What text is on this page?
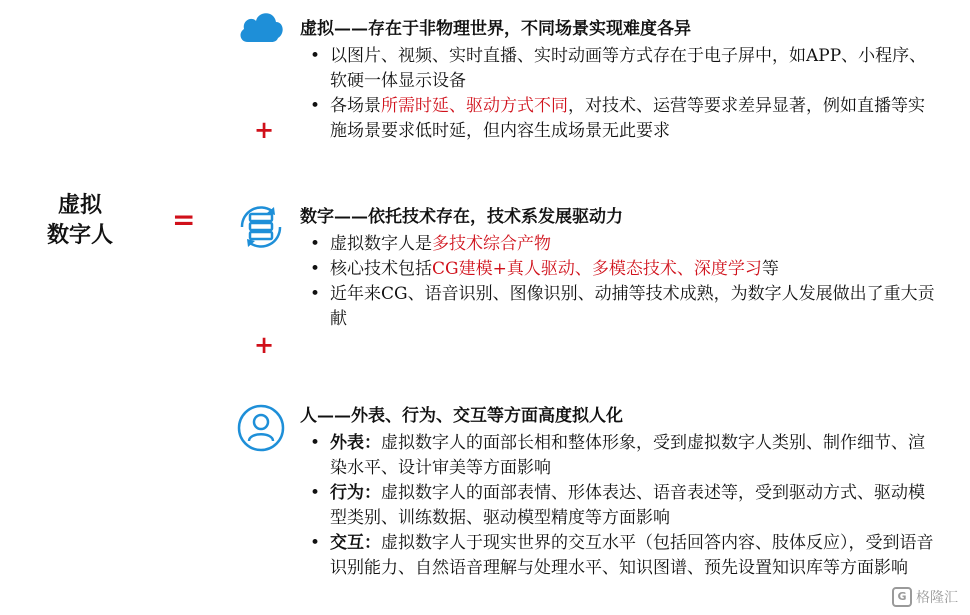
虚拟
数字人 =
+
+
虚拟——存在于非物理世界，不同场景实现难度各异
• 以图片、视频、实时直播、实时动画等方式存在于电子屏中，如APP、小程序、软硬一体显示设备
• 各场景所需时延、驱动方式不同，对技术、运营等要求差异显著，例如直播等实施场景要求低时延，但内容生成场景无此要求
数字——依托技术存在，技术系发展驱动力
• 虚拟数字人是多技术综合产物
• 核心技术包括CG建模+真人驱动、多模态技术、深度学习等
• 近年来CG、语音识别、图像识别、动捕等技术成熟，为数字人发展做出了重大贡献
人——外表、行为、交互等方面高度拟人化
• 外表：虚拟数字人的面部长相和整体形象，受到虚拟数字人类别、制作细节、渲染水平、设计审美等方面影响
• 行为：虚拟数字人的面部表情、形体表达、语音表述等，受到驱动方式、驱动模型类别、训练数据、驱动模型精度等方面影响
• 交互：虚拟数字人于现实世界的交互水平（包括回答内容、肢体反应），受到语音识别能力、自然语音理解与处理水平、知识图谱、预先设置知识库等方面影响
G 格隆汇
